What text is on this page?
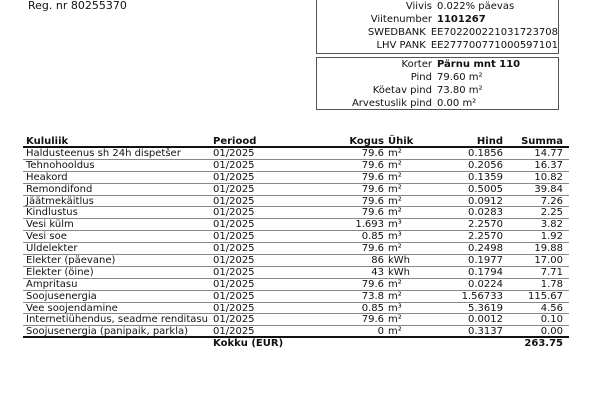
Reg. nr 80255370	Viivis 0.022% päevas
Viitenumber 1101267
SWEDBANK EE702200221031723708
LHV PANK EE277700771000597101
Korter Pärnu mnt 110
Pind 79.60 m²
Köetav pind 73.80 m²
Arvestuslik pind 0.00 m²
Kululiik	Periood	Kogus Ühik	Hind	Summa
Haldusteenus sh 24h dispetšer	01/2025	79.6 m²	0.1856	14.77
Tehnohooldus	01/2025	79.6 m²	0.2056	16.37
Heakord	01/2025	79.6 m²	0.1359	10.82
Remondifond	01/2025	79.6 m²	0.5005	39.84
Jäätmekäitlus	01/2025	79.6 m²	0.0912	7.26
Kindlustus	01/2025	79.6 m²	0.0283	2.25
Vesi külm	01/2025	1.693 m³	2.2570	3.82
Vesi soe	01/2025	0.85 m³	2.2570	1.92
Üldelekter	01/2025	79.6 m²	0.2498	19.88
Elekter (päevane)	01/2025	86 kWh	0.1977	17.00
Elekter (öine)	01/2025	43 kWh	0.1794	7.71
Ampritasu	01/2025	79.6 m²	0.0224	1.78
Soojusenergia	01/2025	73.8 m²	1.56733	115.67
Vee soojendamine	01/2025	0.85 m³	5.3619	4.56
Internetiühendus, seadme renditasu 01/2025	79.6 m²	0.0012	0.10
Soojusenergia (panipaik, parkla)	01/2025	0 m²	0.3137	0.00
Kokku (EUR)	263.75
